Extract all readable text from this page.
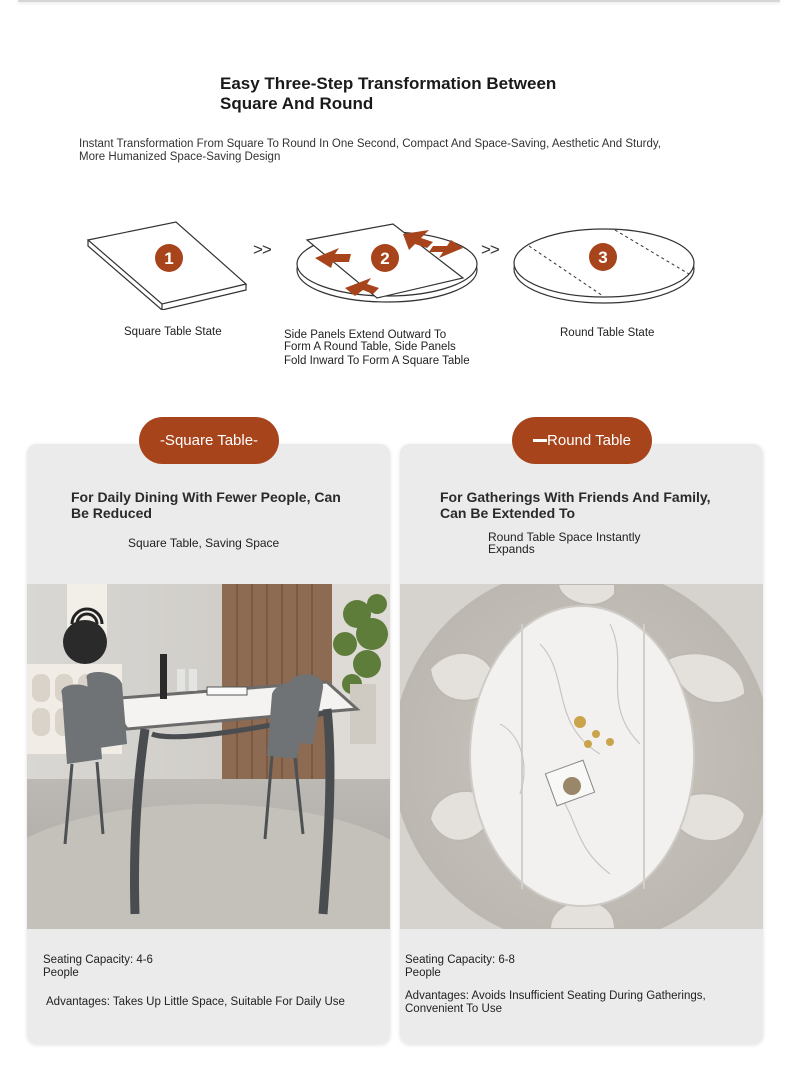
Easy Three-Step Transformation Between
Square And Round
Instant Transformation From Square To Round In One Second, Compact And Space-Saving, Aesthetic And Sturdy,
More Humanized Space-Saving Design
1	>>	2	>>	3
Square Table State	Side Panels Extend Outward To
Form A Round Table, Side Panels
Fold Inward To Form A Square Table
Round Table State
-Square Table-	Round Table
For Daily Dining With Fewer People, Can
Be Reduced
Square Table, Saving Space
For Gatherings With Friends And Family,
Can Be Extended To
Round Table Space Instantly
Expands
Seating Capacity: 4-6
People
Advantages: Takes Up Little Space, Suitable For Daily Use
Seating Capacity: 6-8
People
Advantages: Avoids Insufficient Seating During Gatherings,
Convenient To Use
